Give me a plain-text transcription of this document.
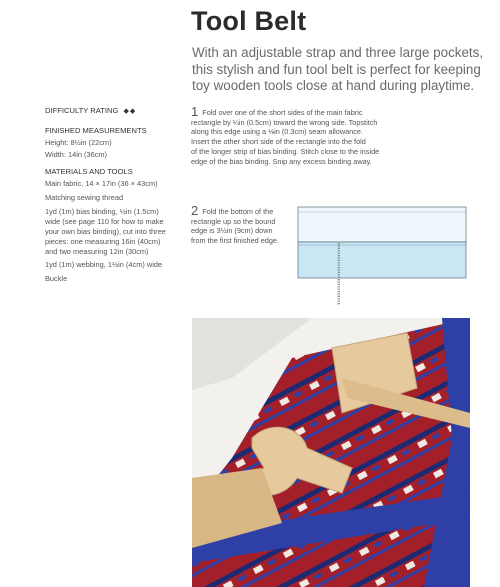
Tool Belt
With an adjustable strap and three large pockets,
this stylish and fun tool belt is perfect for keeping
toy wooden tools close at hand during playtime.
DIFFICULTY RATING ◆◆
FINISHED MEASUREMENTS
Height: 8½in (22cm)
Width: 14in (36cm)
MATERIALS AND TOOLS
Main fabric, 14 × 17in (36 × 43cm)
Matching sewing thread
1yd (1m) bias binding, ½in (1.5cm)
wide (see page 110 for how to make
your own bias binding), cut into three
pieces: one measuring 16in (40cm)
and two measuring 12in (30cm)
1yd (1m) webbing, 1½in (4cm) wide
Buckle
1 Fold over one of the short sides of the main fabric
rectangle by ¼in (0.5cm) toward the wrong side. Topstitch
along this edge using a ⅛in (0.3cm) seam allowance.
Insert the other short side of the rectangle into the fold
of the longer strip of bias binding. Stitch close to the inside
edge of the bias binding. Snip any excess binding away.
2 Fold the bottom of the
rectangle up so the bound
edge is 3½in (9cm) down
from the first finished edge.
